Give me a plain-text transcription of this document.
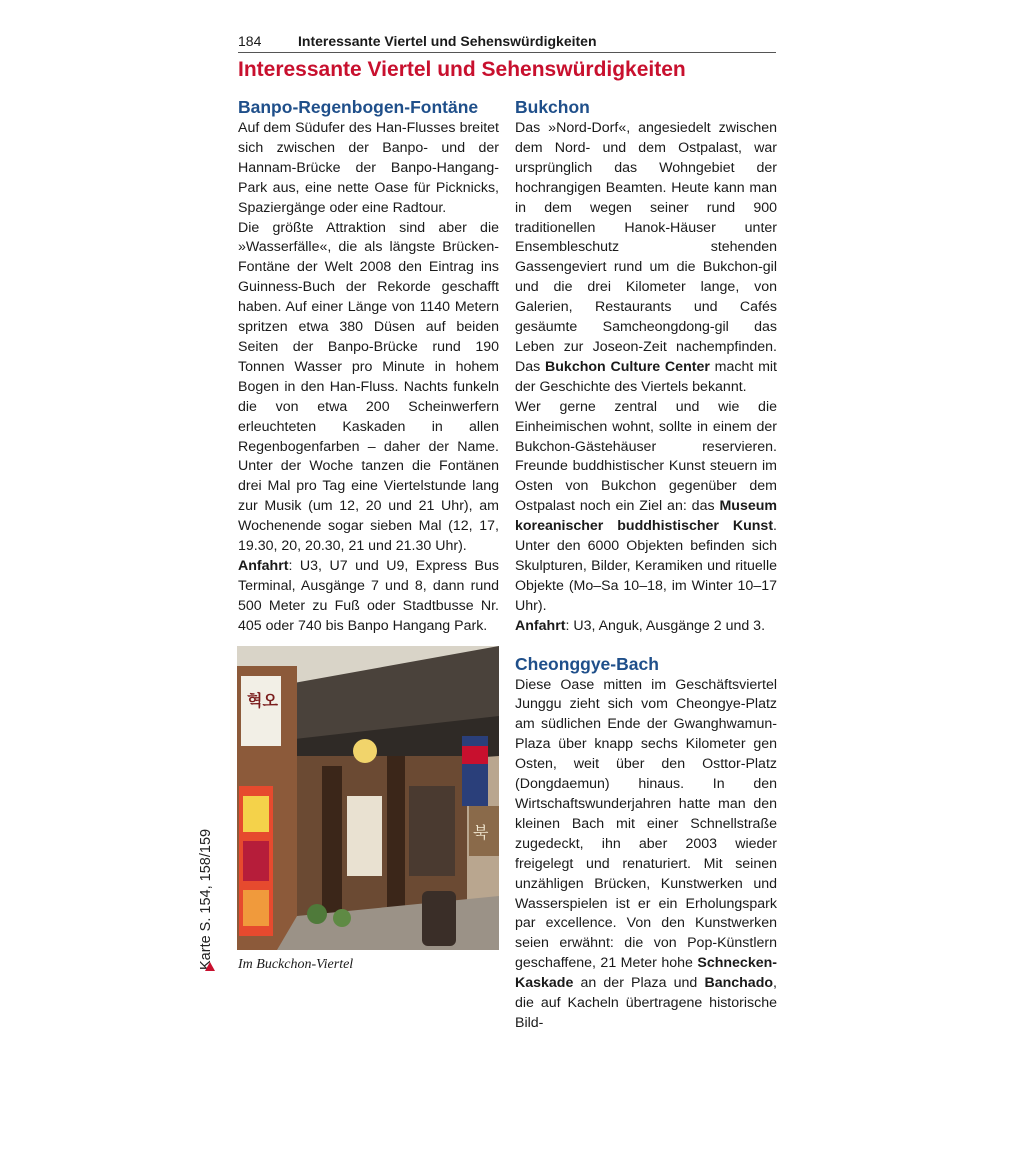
184	Interessante Viertel und Sehenswürdigkeiten
Interessante Viertel und Sehenswürdigkeiten
Banpo-Regenbogen-Fontäne

Auf dem Südufer des Han-Flusses breitet sich zwischen der Banpo- und der Hannam-Brücke der Banpo-Hangang-Park aus, eine nette Oase für Picknicks, Spaziergänge oder eine Radtour.

Die größte Attraktion sind aber die »Wasserfälle«, die als längste Brücken-Fontäne der Welt 2008 den Eintrag ins Guinness-Buch der Rekorde geschafft haben. Auf einer Länge von 1140 Metern spritzen etwa 380 Düsen auf beiden Seiten der Banpo-Brücke rund 190 Tonnen Wasser pro Minute in hohem Bogen in den Han-Fluss. Nachts funkeln die von etwa 200 Scheinwerfern erleuchteten Kaskaden in allen Regenbogenfarben – daher der Name. Unter der Woche tanzen die Fontänen drei Mal pro Tag eine Viertelstunde lang zur Musik (um 12, 20 und 21 Uhr), am Wochenende sogar sieben Mal (12, 17, 19.30, 20, 20.30, 21 und 21.30 Uhr).

Anfahrt: U3, U7 und U9, Express Bus Terminal, Ausgänge 7 und 8, dann rund 500 Meter zu Fuß oder Stadtbusse Nr. 405 oder 740 bis Banpo Hangang Park.

혁오
북
Im Buckchon-Viertel
Bukchon

Das »Nord-Dorf«, angesiedelt zwischen dem Nord- und dem Ostpalast, war ursprünglich das Wohngebiet der hochrangigen Beamten. Heute kann man in dem wegen seiner rund 900 traditionellen Hanok-Häuser unter Ensembleschutz stehenden Gassengeviert rund um die Bukchon-gil und die drei Kilometer lange, von Galerien, Restaurants und Cafés gesäumte Samcheongdong-gil das Leben zur Joseon-Zeit nachempfinden. Das Bukchon Culture Center macht mit der Geschichte des Viertels bekannt.

Wer gerne zentral und wie die Einheimischen wohnt, sollte in einem der Bukchon-Gästehäuser reservieren. Freunde buddhistischer Kunst steuern im Osten von Bukchon gegenüber dem Ostpalast noch ein Ziel an: das Museum koreanischer buddhistischer Kunst. Unter den 6000 Objekten befinden sich Skulpturen, Bilder, Keramiken und rituelle Objekte (Mo–Sa 10–18, im Winter 10–17 Uhr).

Anfahrt: U3, Anguk, Ausgänge 2 und 3.

Cheonggye-Bach

Diese Oase mitten im Geschäftsviertel Junggu zieht sich vom Cheongye-Platz am südlichen Ende der Gwanghwamun-Plaza über knapp sechs Kilometer gen Osten, weit über den Osttor-Platz (Dongdaemun) hinaus. In den Wirtschaftswunderjahren hatte man den kleinen Bach mit einer Schnellstraße zugedeckt, ihn aber 2003 wieder freigelegt und renaturiert. Mit seinen unzähligen Brücken, Kunstwerken und Wasserspielen ist er ein Erholungspark par excellence. Von den Kunstwerken seien erwähnt: die von Pop-Künstlern geschaffene, 21 Meter hohe Schnecken-Kaskade an der Plaza und Banchado, die auf Kacheln übertragene historische Bild-

Karte S. 154, 158/159
